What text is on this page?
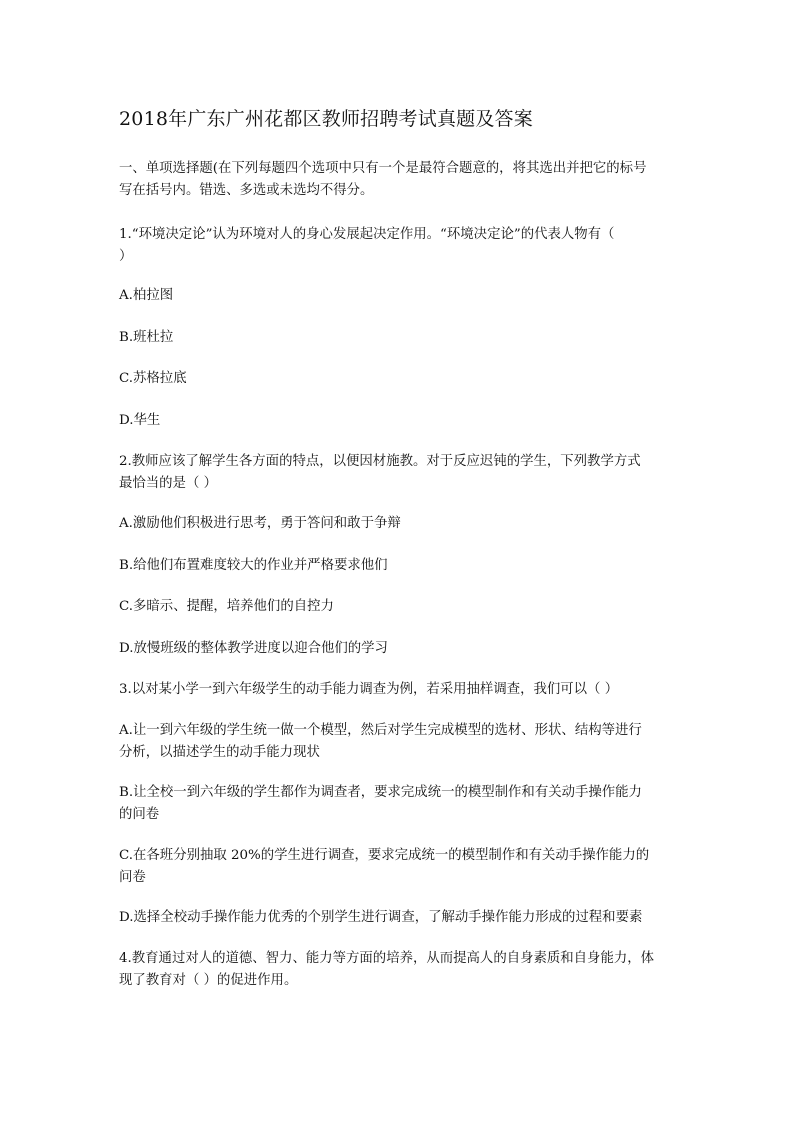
2018年广东广州花都区教师招聘考试真题及答案
一、单项选择题(在下列每题四个选项中只有一个是最符合题意的，将其选出并把它的标号
写在括号内。错选、多选或未选均不得分。
1.“环境决定论”认为环境对人的身心发展起决定作用。“环境决定论”的代表人物有（
）
A.柏拉图
B.班杜拉
C.苏格拉底
D.华生
2.教师应该了解学生各方面的特点，以便因材施教。对于反应迟钝的学生，下列教学方式
最恰当的是（ ）
A.激励他们积极进行思考，勇于答问和敢于争辩
B.给他们布置难度较大的作业并严格要求他们
C.多暗示、提醒，培养他们的自控力
D.放慢班级的整体教学进度以迎合他们的学习
3.以对某小学一到六年级学生的动手能力调查为例，若采用抽样调查，我们可以（ ）
A.让一到六年级的学生统一做一个模型，然后对学生完成模型的选材、形状、结构等进行
分析，以描述学生的动手能力现状
B.让全校一到六年级的学生都作为调查者，要求完成统一的模型制作和有关动手操作能力
的问卷
C.在各班分别抽取 20%的学生进行调查，要求完成统一的模型制作和有关动手操作能力的
问卷
D.选择全校动手操作能力优秀的个别学生进行调查，了解动手操作能力形成的过程和要素
4.教育通过对人的道德、智力、能力等方面的培养，从而提高人的自身素质和自身能力，体
现了教育对（ ）的促进作用。
